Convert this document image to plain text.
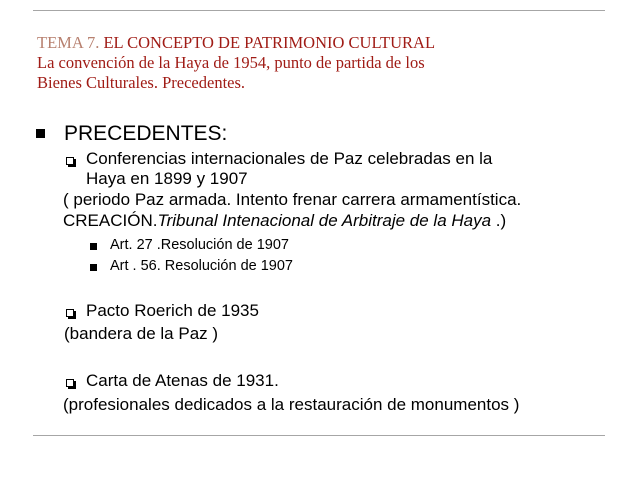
TEMA 7. EL CONCEPTO DE PATRIMONIO CULTURAL
La convención de la Haya de 1954, punto de partida de los
Bienes Culturales. Precedentes.
PRECEDENTES:
Conferencias internacionales de Paz celebradas en la
Haya en 1899 y 1907
( periodo Paz armada. Intento frenar carrera armamentística.
CREACIÓN.Tribunal Intenacional de Arbitraje de la Haya .)
Art. 27 .Resolución de 1907
Art . 56. Resolución de 1907
Pacto Roerich de 1935
(bandera de la Paz )
Carta de Atenas de 1931.
(profesionales dedicados a la restauración de monumentos )
